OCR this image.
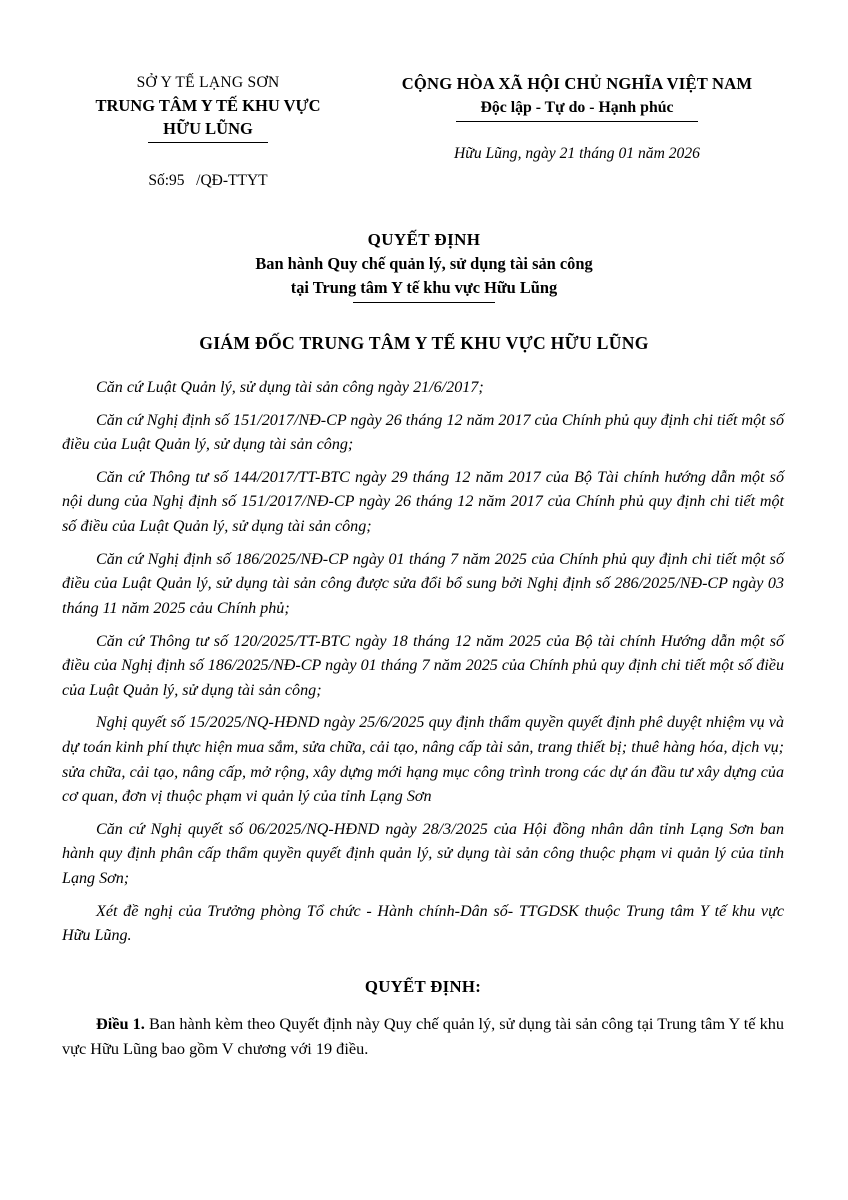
SỞ Y TẾ LẠNG SƠN
TRUNG TÂM Y TẾ KHU VỰC
HỮU LŨNG
Số:95 /QĐ-TTYT
CỘNG HÒA XÃ HỘI CHỦ NGHĨA VIỆT NAM
Độc lập - Tự do - Hạnh phúc
Hữu Lũng, ngày 21 tháng 01 năm 2026
QUYẾT ĐỊNH
Ban hành Quy chế quản lý, sử dụng tài sản công
tại Trung tâm Y tế khu vực Hữu Lũng
GIÁM ĐỐC TRUNG TÂM Y TẾ KHU VỰC HỮU LŨNG

Căn cứ Luật Quản lý, sử dụng tài sản công ngày 21/6/2017;

Căn cứ Nghị định số 151/2017/NĐ-CP ngày 26 tháng 12 năm 2017 của Chính phủ quy định chi tiết một số điều của Luật Quản lý, sử dụng tài sản công;

Căn cứ Thông tư số 144/2017/TT-BTC ngày 29 tháng 12 năm 2017 của Bộ Tài chính hướng dẫn một số nội dung của Nghị định số 151/2017/NĐ-CP ngày 26 tháng 12 năm 2017 của Chính phủ quy định chi tiết một số điều của Luật Quản lý, sử dụng tài sản công;

Căn cứ Nghị định số 186/2025/NĐ-CP ngày 01 tháng 7 năm 2025 của Chính phủ quy định chi tiết một số điều của Luật Quản lý, sử dụng tài sản công được sửa đổi bổ sung bởi Nghị định số 286/2025/NĐ-CP ngày 03 tháng 11 năm 2025 cảu Chính phủ;

Căn cứ Thông tư số 120/2025/TT-BTC ngày 18 tháng 12 năm 2025 của Bộ tài chính Hướng dẫn một số điều của Nghị định số 186/2025/NĐ-CP ngày 01 tháng 7 năm 2025 của Chính phủ quy định chi tiết một số điều của Luật Quản lý, sử dụng tài sản công;

Nghị quyết số 15/2025/NQ-HĐND ngày 25/6/2025 quy định thẩm quyền quyết định phê duyệt nhiệm vụ và dự toán kinh phí thực hiện mua sắm, sửa chữa, cải tạo, nâng cấp tài sản, trang thiết bị; thuê hàng hóa, dịch vụ; sửa chữa, cải tạo, nâng cấp, mở rộng, xây dựng mới hạng mục công trình trong các dự án đầu tư xây dựng của cơ quan, đơn vị thuộc phạm vi quản lý của tỉnh Lạng Sơn

Căn cứ Nghị quyết số 06/2025/NQ-HĐND ngày 28/3/2025 của Hội đồng nhân dân tỉnh Lạng Sơn ban hành quy định phân cấp thẩm quyền quyết định quản lý, sử dụng tài sản công thuộc phạm vi quản lý của tỉnh Lạng Sơn;

Xét đề nghị của Trưởng phòng Tổ chức - Hành chính-Dân số- TTGDSK thuộc Trung tâm Y tế khu vực Hữu Lũng.

QUYẾT ĐỊNH:

Điều 1. Ban hành kèm theo Quyết định này Quy chế quản lý, sử dụng tài sản công tại Trung tâm Y tế khu vực Hữu Lũng bao gồm V chương với 19 điều.
